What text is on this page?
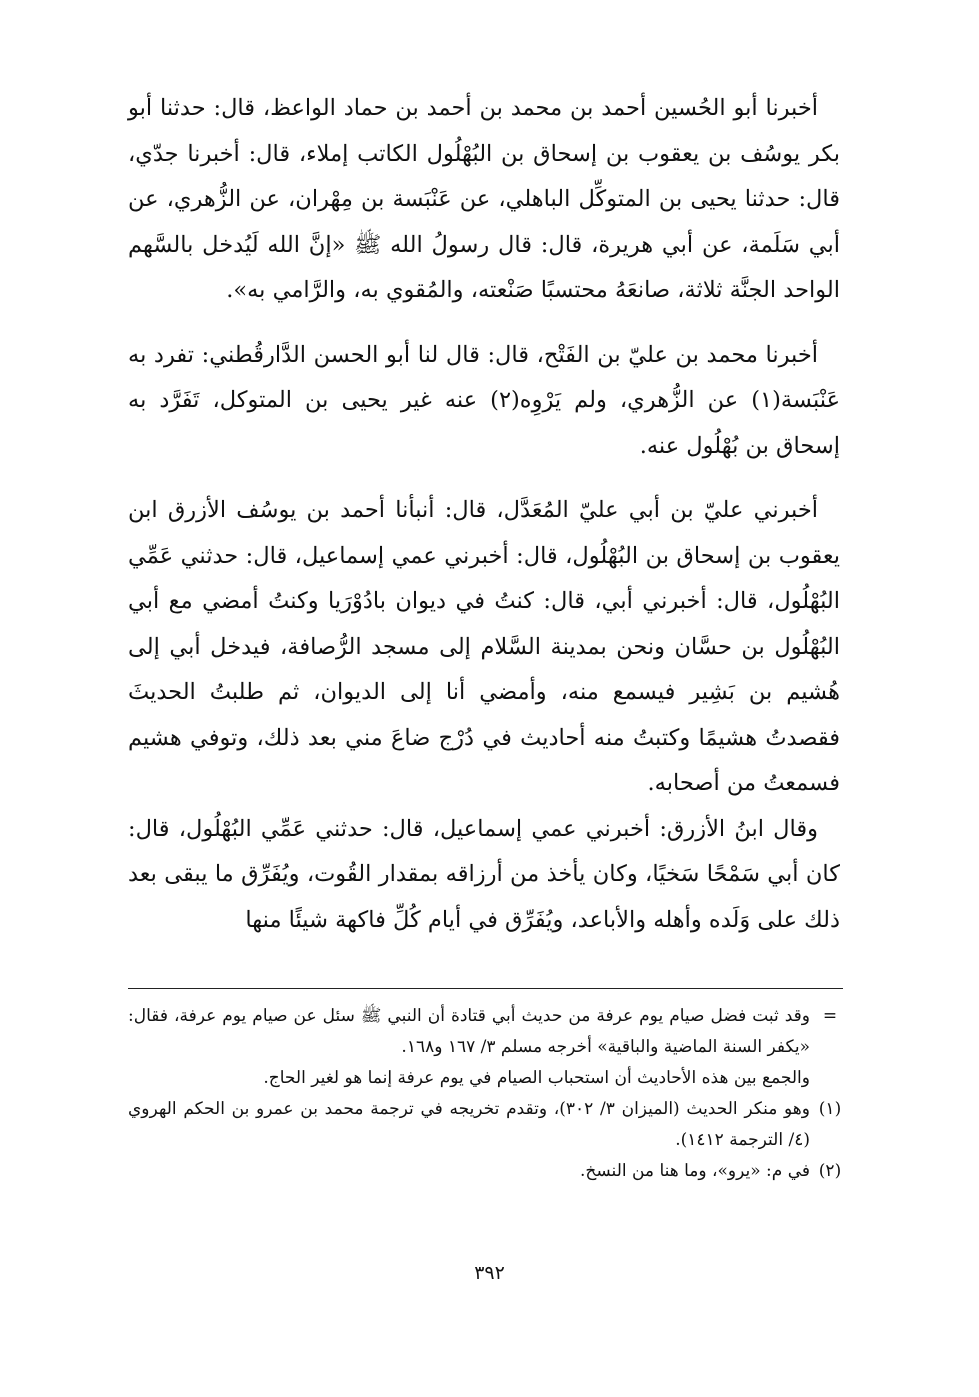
أخبرنا أبو الحُسين أحمد بن محمد بن أحمد بن حماد الواعظ، قال: حدثنا أبو بكر يوسُف بن يعقوب بن إسحاق بن البُهْلُول الكاتب إملاء، قال: أخبرنا جدّي، قال: حدثنا يحيى بن المتوكِّل الباهلي، عن عَنْبَسة بن مِهْران، عن الزُّهري، عن أبي سَلَمة، عن أبي هريرة، قال: قال رسولُ الله ﷺ «إنَّ الله لَيُدخل بالسَّهم الواحد الجنَّة ثلاثة، صانعَهُ محتسبًا صَنْعته، والمُقوي به، والرَّامي به».

أخبرنا محمد بن عليّ بن الفَتْح، قال: قال لنا أبو الحسن الدَّارقُطني: تفرد به عَنْبَسة(١) عن الزُّهري، ولم يَرْوِه(٢) عنه غير يحيى بن المتوكل، تَفَرَّد به إسحاق بن بُهْلُول عنه.

أخبرني عليّ بن أبي عليّ المُعَدَّل، قال: أنبأنا أحمد بن يوسُف الأزرق ابن يعقوب بن إسحاق بن البُهْلُول، قال: أخبرني عمي إسماعيل، قال: حدثني عَمِّي البُهْلُول، قال: أخبرني أبي، قال: كنتُ في ديوان بادُوْرَيا وكنتُ أمضي مع أبي البُهْلُول بن حسَّان ونحن بمدينة السَّلام إلى مسجد الرُّصافة، فيدخل أبي إلى هُشيم بن بَشِير فيسمع منه، وأمضي أنا إلى الديوان، ثم طلبتُ الحديثَ فقصدتُ هشيمًا وكتبتُ منه أحاديث في دُرْج ضاعَ مني بعد ذلك، وتوفي هشيم فسمعتُ من أصحابه.

وقال ابنُ الأزرق: أخبرني عمي إسماعيل، قال: حدثني عَمِّي البُهْلُول، قال: كان أبي سَمْحًا سَخيًا، وكان يأخذ من أرزاقه بمقدار القُوت، ويُفَرِّق ما يبقى بعد ذلك على وَلَده وأهله والأباعد، ويُفَرِّق في أيام كُلِّ فاكهة شيئًا منها

=

وقد ثبت فضل صيام يوم عرفة من حديث أبي قتادة أن النبي ﷺ سئل عن صيام يوم عرفة، فقال: «يكفر السنة الماضية والباقية» أخرجه مسلم ٣/ ١٦٧ و١٦٨.

والجمع بين هذه الأحاديث أن استحباب الصيام في يوم عرفة إنما هو لغير الحاج.

(١)

وهو منكر الحديث (الميزان ٣/ ٣٠٢)، وتقدم تخريجه في ترجمة محمد بن عمرو بن الحكم الهروي (٤/ الترجمة ١٤١٢).

(٢)

في م: «يرو»، وما هنا من النسخ.

٣٩٢
